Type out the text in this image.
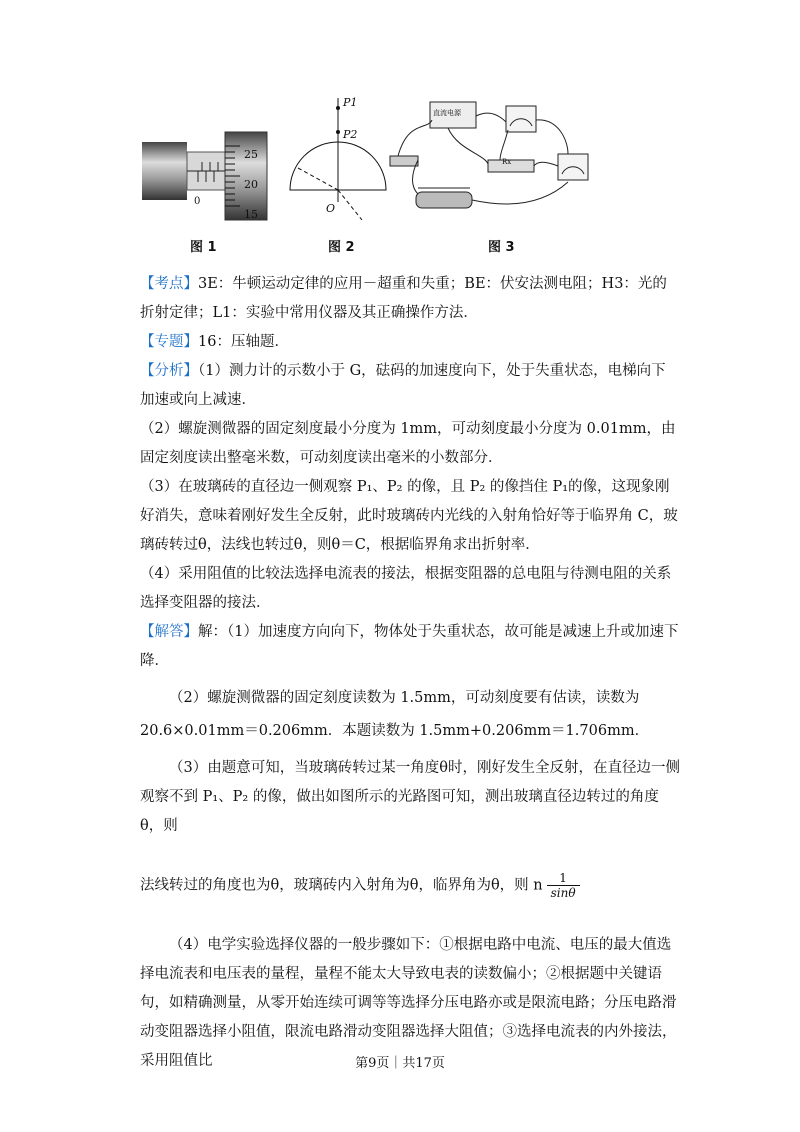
25
20
15
0
图 1
P1
P2
O
图 2
直流电源
Rx
图 3

【考点】3E：牛顿运动定律的应用－超重和失重；BE：伏安法测电阻；H3：光的折射定律；L1：实验中常用仪器及其正确操作方法．

【专题】16：压轴题．

【分析】（1）测力计的示数小于 G，砝码的加速度向下，处于失重状态，电梯向下加速或向上减速．

（2）螺旋测微器的固定刻度最小分度为 1mm，可动刻度最小分度为 0.01mm，由固定刻度读出整毫米数，可动刻度读出毫米的小数部分．

（3）在玻璃砖的直径边一侧观察 P₁、P₂ 的像，且 P₂ 的像挡住 P₁的像，这现象刚好消失，意味着刚好发生全反射，此时玻璃砖内光线的入射角恰好等于临界角 C，玻璃砖转过θ，法线也转过θ，则θ＝C，根据临界角求出折射率．

（4）采用阻值的比较法选择电流表的接法，根据变阻器的总电阻与待测电阻的关系选择变阻器的接法．

【解答】解：（1）加速度方向向下，物体处于失重状态，故可能是减速上升或加速下降．

（2）螺旋测微器的固定刻度读数为 1.5mm，可动刻度要有估读，读数为

20.6×0.01mm＝0.206mm．本题读数为 1.5mm+0.206mm＝1.706mm．

（3）由题意可知，当玻璃砖转过某一角度θ时，刚好发生全反射，在直径边一侧观察不到 P₁、P₂ 的像，做出如图所示的光路图可知，测出玻璃直径边转过的角度θ，则

法线转过的角度也为θ，玻璃砖内入射角为θ，临界角为θ，则 n $\frac{1}{\sin\theta}$

（4）电学实验选择仪器的一般步骤如下：①根据电路中电流、电压的最大值选择电流表和电压表的量程，量程不能太大导致电表的读数偏小；②根据题中关键语句，如精确测量，从零开始连续可调等等选择分压电路亦或是限流电路；分压电路滑动变阻器选择小阻值，限流电路滑动变阻器选择大阻值；③选择电流表的内外接法，采用阻值比	第9页｜共17页
